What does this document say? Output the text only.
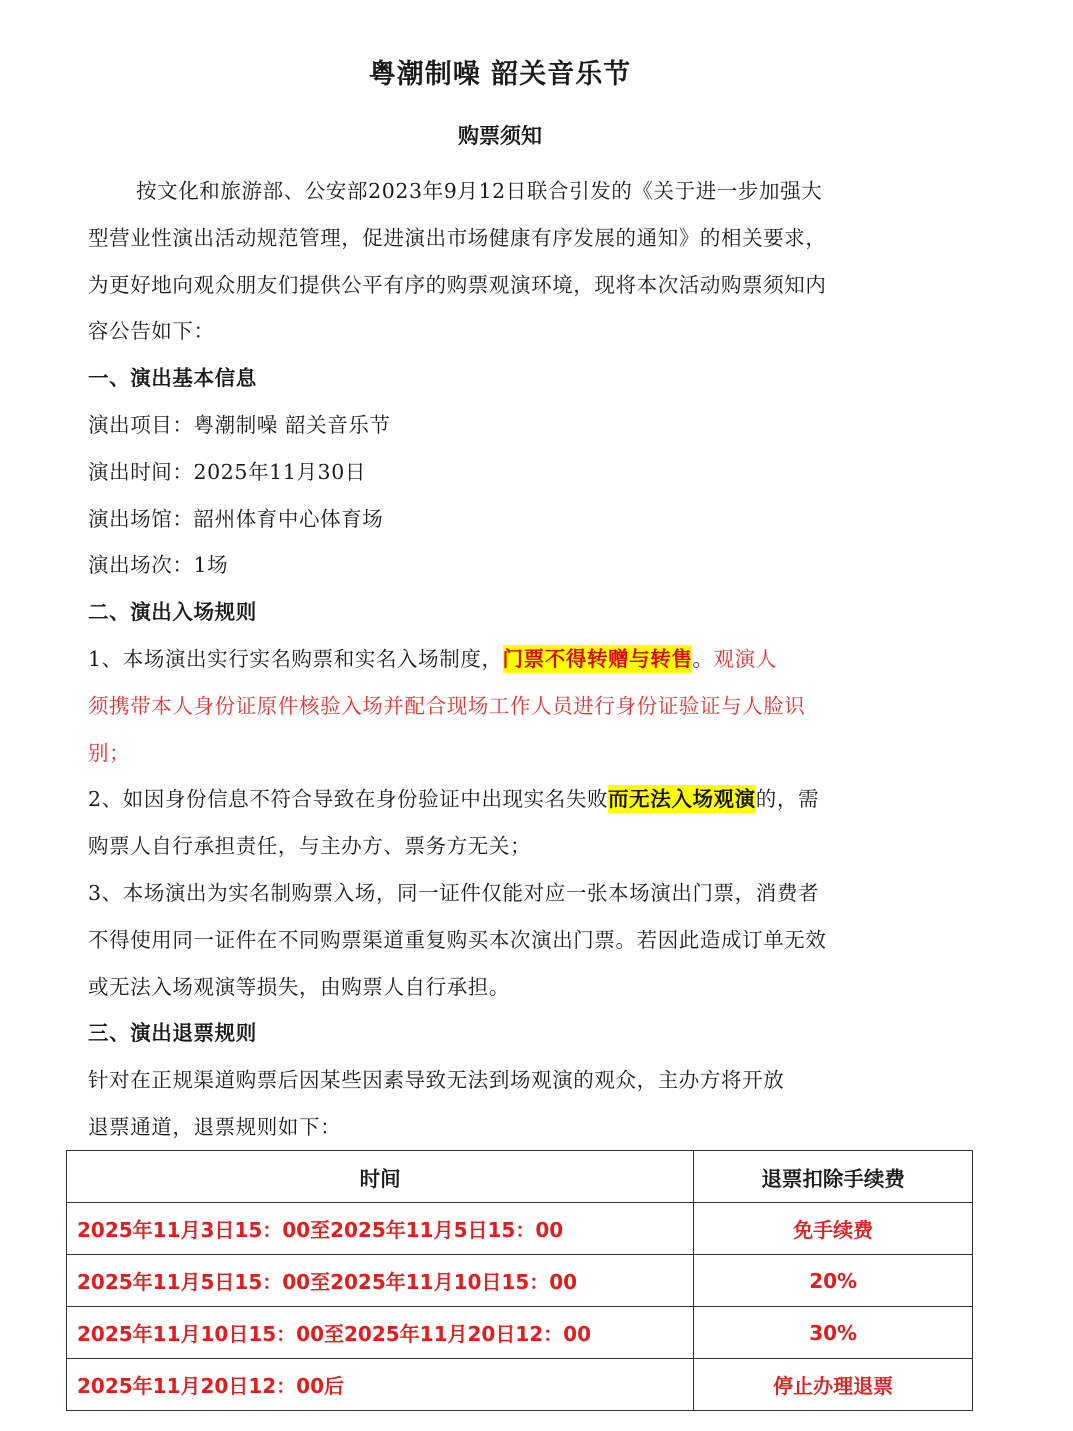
粤潮制噪 韶关音乐节
购票须知

按文化和旅游部、公安部2023年9月12日联合引发的《关于进一步加强大

型营业性演出活动规范管理，促进演出市场健康有序发展的通知》的相关要求，

为更好地向观众朋友们提供公平有序的购票观演环境，现将本次活动购票须知内

容公告如下：

一、演出基本信息

演出项目：粤潮制噪 韶关音乐节

演出时间：2025年11月30日

演出场馆：韶州体育中心体育场

演出场次：1场

二、演出入场规则

1、本场演出实行实名购票和实名入场制度，门票不得转赠与转售。观演人

须携带本人身份证原件核验入场并配合现场工作人员进行身份证验证与人脸识

别；

2、如因身份信息不符合导致在身份验证中出现实名失败而无法入场观演的，需

购票人自行承担责任，与主办方、票务方无关；

3、本场演出为实名制购票入场，同一证件仅能对应一张本场演出门票，消费者

不得使用同一证件在不同购票渠道重复购买本次演出门票。若因此造成订单无效

或无法入场观演等损失，由购票人自行承担。

三、演出退票规则

针对在正规渠道购票后因某些因素导致无法到场观演的观众，主办方将开放

退票通道，退票规则如下：

时间	退票扣除手续费
2025年11月3日15：00至2025年11月5日15：00	免手续费
2025年11月5日15：00至2025年11月10日15：00	20%
2025年11月10日15：00至2025年11月20日12：00	30%
2025年11月20日12：00后	停止办理退票
